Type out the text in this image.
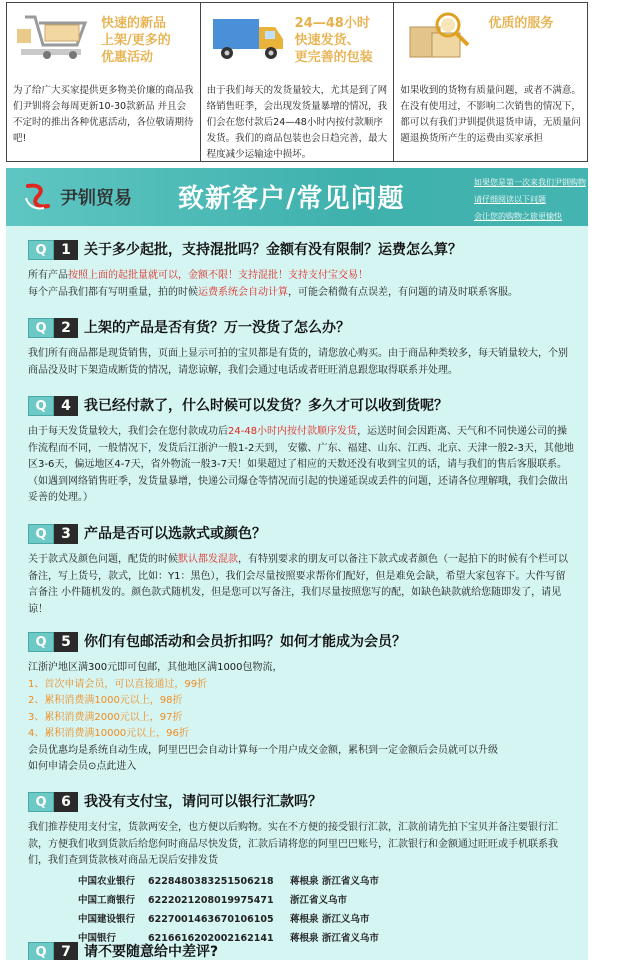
快速的新品
上架/更多的
优惠活动
为了给广大买家提供更多物美价廉的商品我们尹钏将会每周更新10-30款新品 并且会不定时的推出各种优惠活动，各位敬请期待吧!
24—48小时
快速发货、
更完善的包装
由于我们每天的发货量较大，尤其是到了网络销售旺季，会出现发货量暴增的情况，我们会在您付款后24—48小时内按付款顺序发货。我们的商品包装也会日趋完善，最大程度减少运输途中损坏。
优质的服务
如果收到的货物有质量问题，或者不满意。在没有使用过，不影响二次销售的情况下，都可以有我们尹钏提供退货申请，无质量问题退换货所产生的运费由买家承担
尹钏贸易 致新客户/常见问题
如果您是第一次来我们尹钏购物
请仔细阅读以下问题
会让您的购物之旅更愉快
Q	1 关于多少起批，支持混批吗？金额有没有限制？运费怎么算？
所有产品按照上面的起批量就可以，金额不限！支持混批！支持支付宝交易！
每个产品我们都有写明重量，拍的时候运费系统会自动计算，可能会稍微有点误差，有问题的请及时联系客服。
Q	2 上架的产品是否有货？万一没货了怎么办？
我们所有商品都是现货销售，页面上显示可拍的宝贝都是有货的，请您放心购买。由于商品种类较多，每天销量较大，个别商品没及时下架造成断货的情况，请您谅解，我们会通过电话或者旺旺消息跟您取得联系并处理。
Q	4 我已经付款了，什么时候可以发货？多久才可以收到货呢？
由于每天发货量较大，我们会在您付款成功后24-48小时内按付款顺序发货，运送时间会因距离、天气和不同快递公司的操作流程而不同，一般情况下，发货后江浙沪一般1-2天到， 安徽、广东、福建、山东、江西、北京、天津一般2-3天，其他地区3-6天，偏远地区4-7天，省外物流一般3-7天！如果超过了相应的天数还没有收到宝贝的话，请与我们的售后客服联系。（如遇到网络销售旺季，发货量暴增，快递公司爆仓等情况而引起的快递延误或丢件的问题，还请各位理解哦，我们会做出妥善的处理。）
Q	3 产品是否可以选款式或颜色？
关于款式及颜色问题，配货的时候默认都发混款，有特别要求的朋友可以备注下款式或者颜色（一起拍下的时候有个栏可以备注，写上货号，款式，比如：Y1：黑色），我们会尽量按照要求帮你们配好，但是难免会缺，希望大家包容下。大件写留言备注 小件随机发的。颜色款式随机发，但是您可以写备注，我们尽量按照您写的配，如缺色缺款就给您随即发了，请见谅！
Q	5 你们有包邮活动和会员折扣吗？如何才能成为会员？
江浙沪地区满300元即可包邮，其他地区满1000包物流，
1、首次申请会员，可以直接通过，99折
2、累积消费满1000元以上，98折
3、累积消费满2000元以上，97折
4、累积消费满10000元以上，96折
会员优惠均是系统自动生成，阿里巴巴会自动计算每一个用户成交金额，累积到一定金额后会员就可以升级
如何申请会员⊙点此进入
Q	6 我没有支付宝，请问可以银行汇款吗？
我们推荐使用支付宝，货款两安全，也方便以后购物。实在不方便的接受银行汇款，汇款前请先拍下宝贝并备注要银行汇款，方便我们收到货款后给您何时商品尽快发货，汇款后请将您的阿里巴巴账号，汇款银行和金额通过旺旺或手机联系我们，我们查到货款核对商品无误后安排发货
中国农业银行 6228480383251506218 蒋根泉 浙江省义乌市
中国工商银行 6222021208019975471 浙江省义乌市
中国建设银行 6227001463670106105 蒋根泉 浙江义乌市
中国银行	6216616202002162141 蒋根泉 浙江省义乌市
Q	7 请不要随意给中差评?
